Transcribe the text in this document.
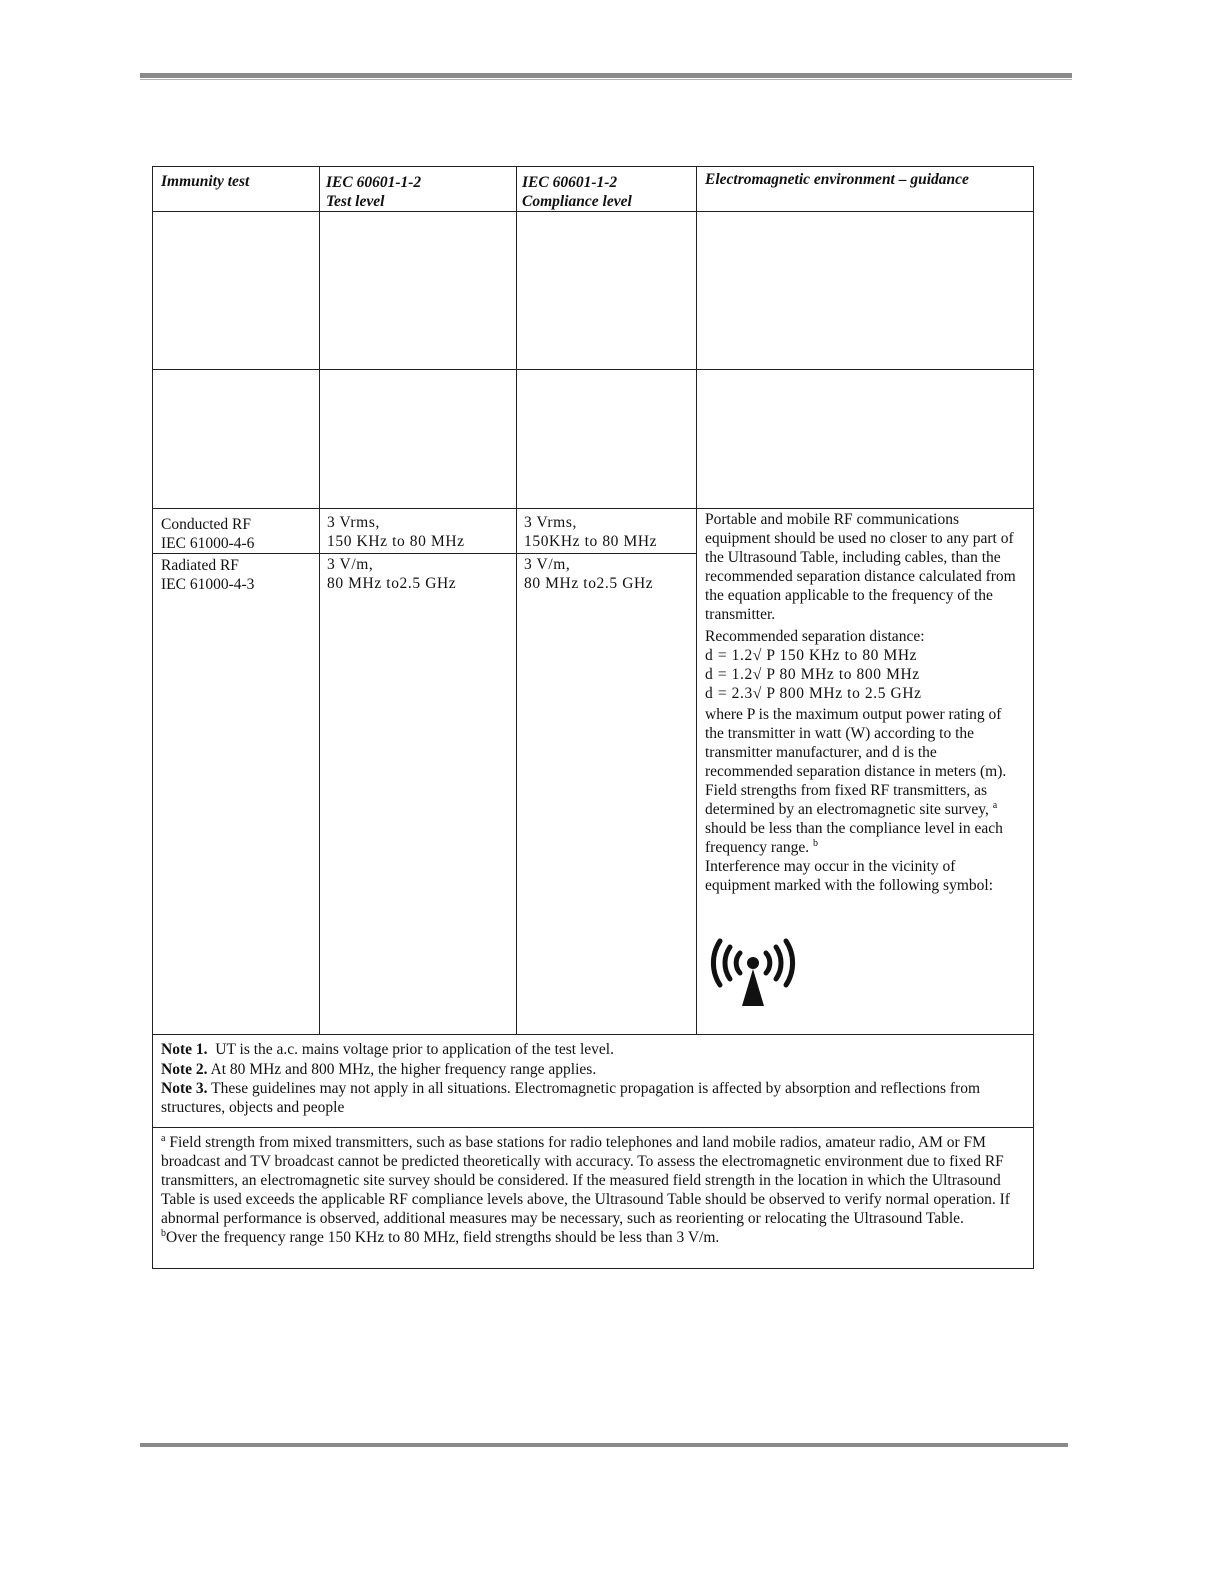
Immunity test	IEC 60601-1-2
Test level
IEC 60601-1-2
Compliance level
Electromagnetic environment – guidance
Conducted RF
IEC 61000-4-6
3 Vrms,
150 KHz to 80 MHz
3 Vrms,
150KHz to 80 MHz
Radiated RF
IEC 61000-4-3
3 V/m,
80 MHz to2.5 GHz
3 V/m,
80 MHz to2.5 GHz

Portable and mobile RF communications equipment should be used no closer to any part of the Ultrasound Table, including cables, than the recommended separation distance calculated from the equation applicable to the frequency of the transmitter.

Recommended separation distance:

d = 1.2√ P 150 KHz to 80 MHz

d = 1.2√ P 80 MHz to 800 MHz

d = 2.3√ P 800 MHz to 2.5 GHz

where P is the maximum output power rating of the transmitter in watt (W) according to the transmitter manufacturer, and d is the recommended separation distance in meters (m).

Field strengths from fixed RF transmitters, as determined by an electromagnetic site survey, $^a$ should be less than the compliance level in each frequency range. $^b$

Interference may occur in the vicinity of equipment marked with the following symbol:

Note 1. UT is the a.c. mains voltage prior to application of the test level.

Note 2. At 80 MHz and 800 MHz, the higher frequency range applies.

Note 3. These guidelines may not apply in all situations. Electromagnetic propagation is affected by absorption and reflections from structures, objects and people

$^a$ Field strength from mixed transmitters, such as base stations for radio telephones and land mobile radios, amateur radio, AM or FM broadcast and TV broadcast cannot be predicted theoretically with accuracy. To assess the electromagnetic environment due to fixed RF transmitters, an electromagnetic site survey should be considered. If the measured field strength in the location in which the Ultrasound Table is used exceeds the applicable RF compliance levels above, the Ultrasound Table should be observed to verify normal operation. If abnormal performance is observed, additional measures may be necessary, such as reorienting or relocating the Ultrasound Table.

$^b$Over the frequency range 150 KHz to 80 MHz, field strengths should be less than 3 V/m.
